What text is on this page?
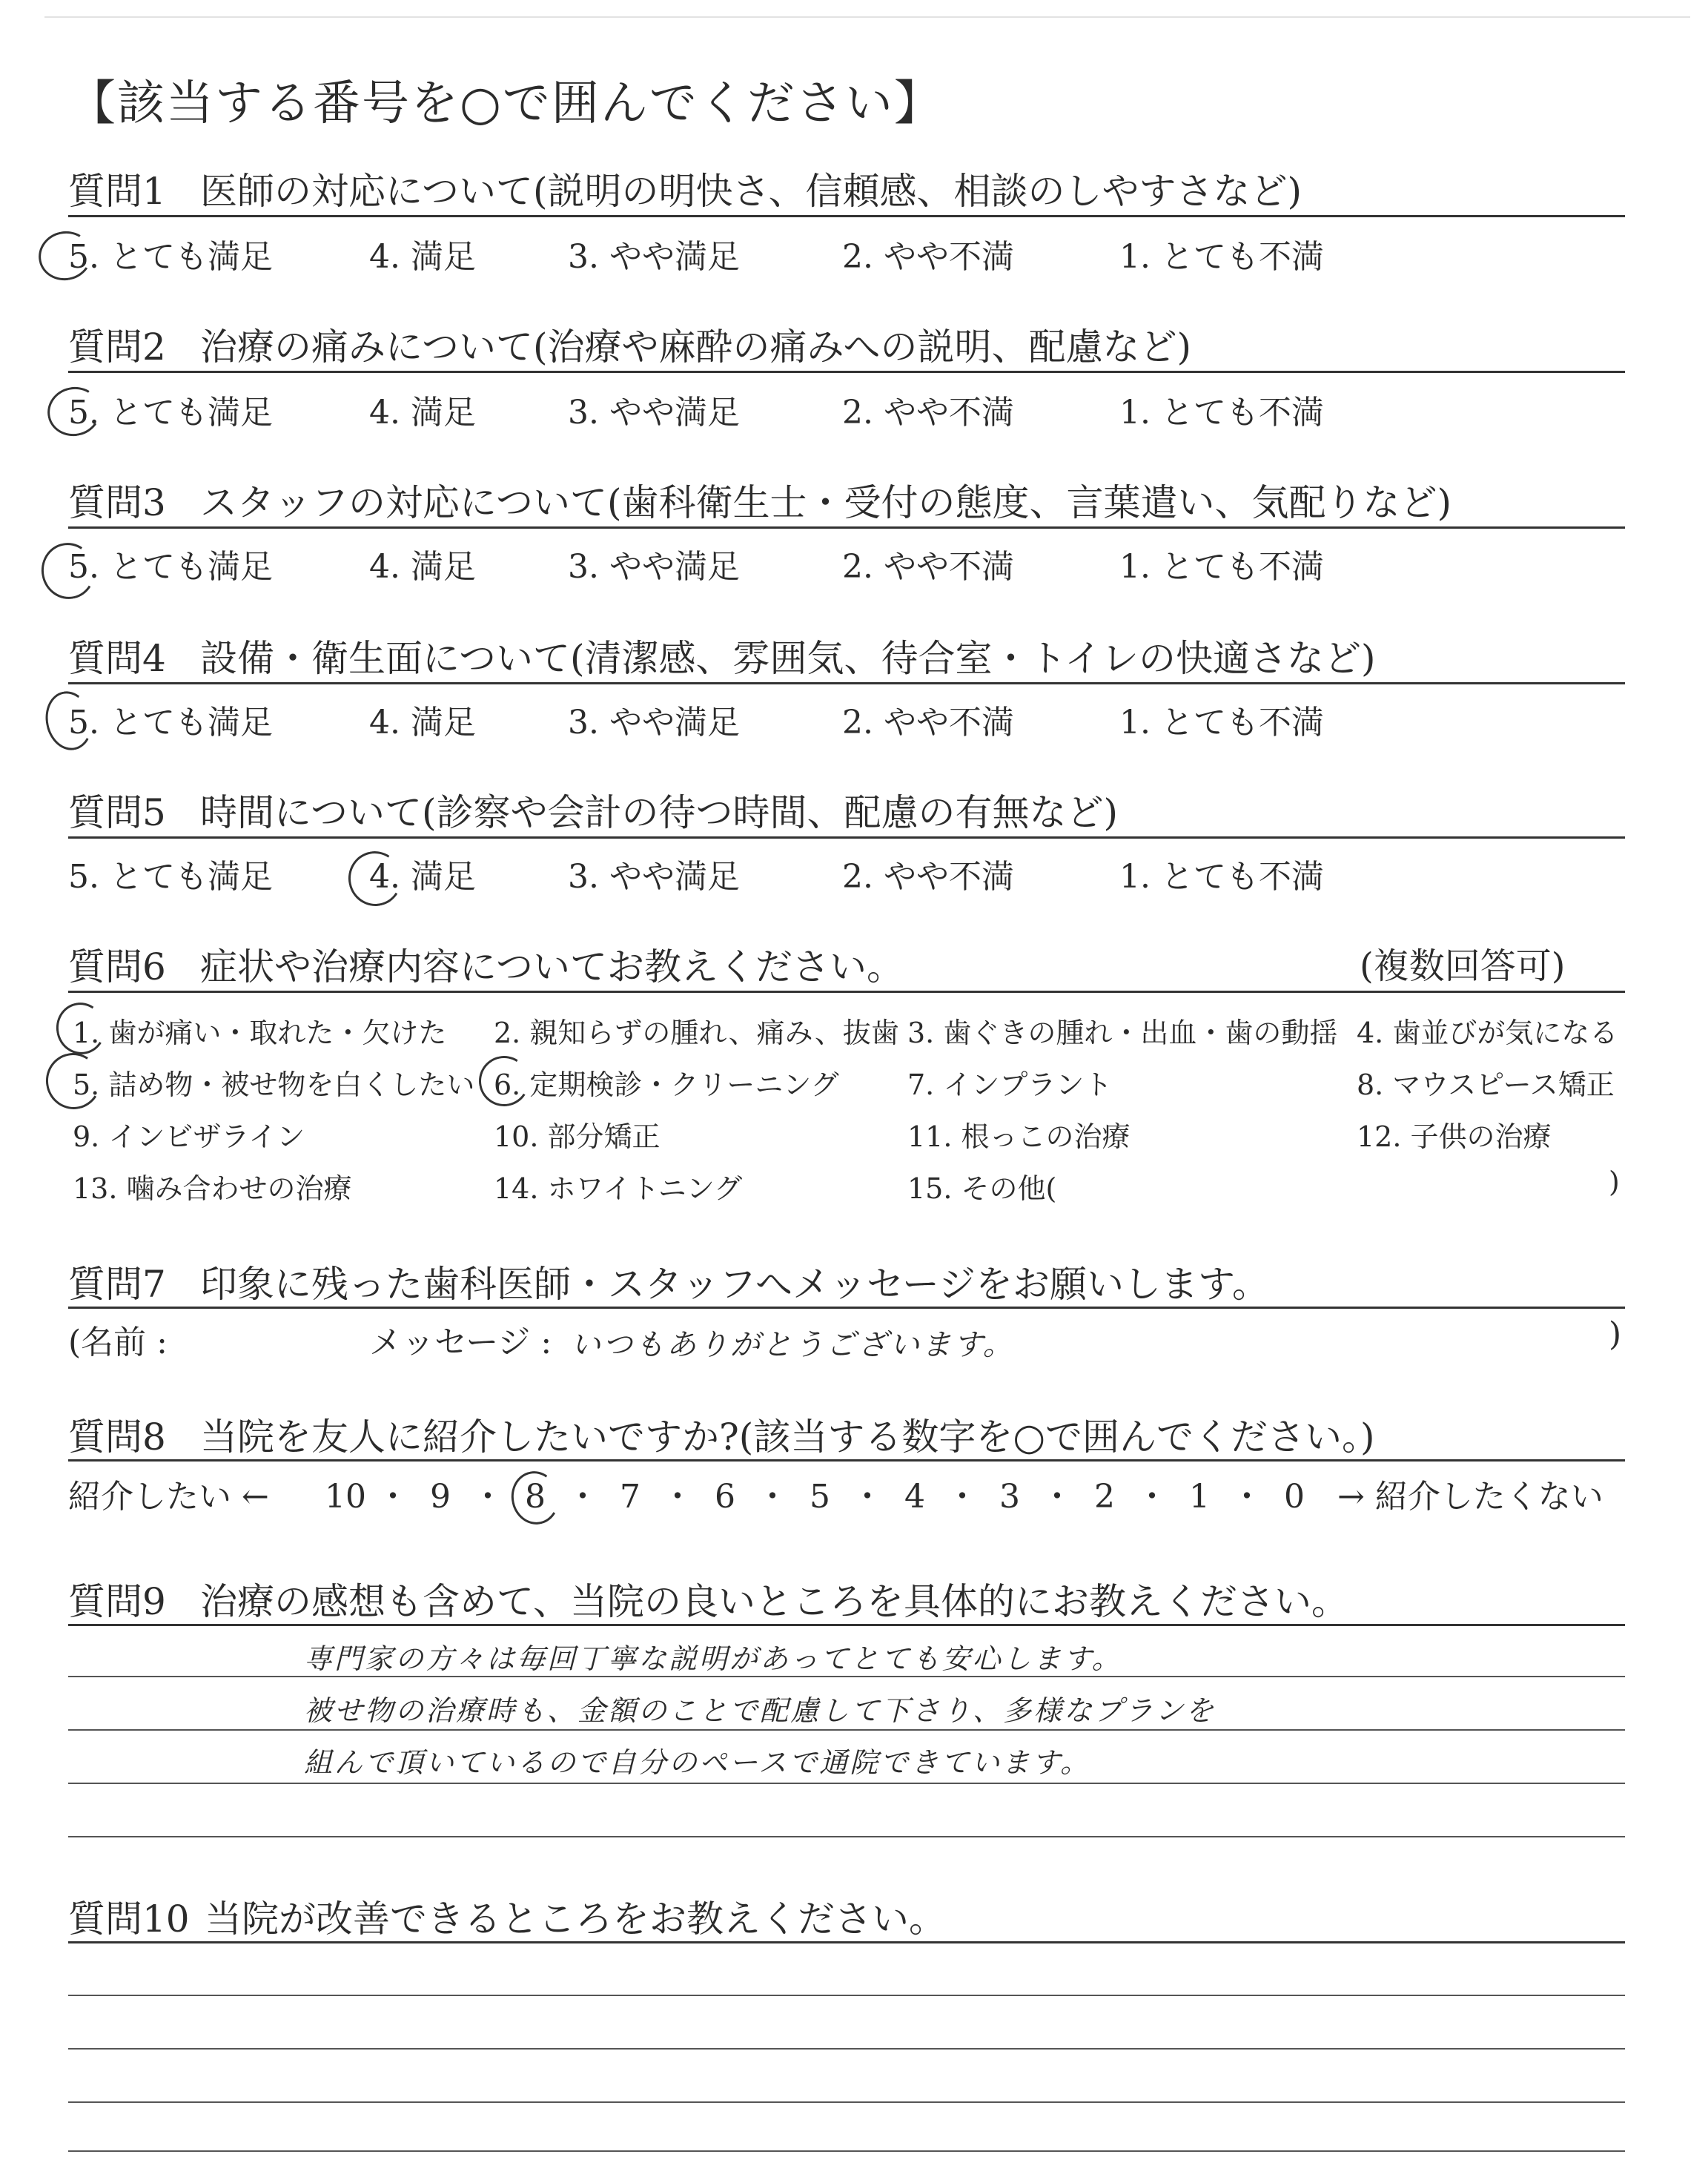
【該当する番号を○で囲んでください】
質問1 医師の対応について(説明の明快さ、信頼感、相談のしやすさなど)
5. とても満足	4. 満足	3. やや満足	2. やや不満	1. とても不満
質問2 治療の痛みについて(治療や麻酔の痛みへの説明、配慮など)
5. とても満足	4. 満足	3. やや満足	2. やや不満	1. とても不満
質問3 スタッフの対応について(歯科衛生士・受付の態度、言葉遣い、気配りなど)
5. とても満足	4. 満足	3. やや満足	2. やや不満	1. とても不満
質問4 設備・衛生面について(清潔感、雰囲気、待合室・トイレの快適さなど)
5. とても満足	4. 満足	3. やや満足	2. やや不満	1. とても不満
質問5 時間について(診察や会計の待つ時間、配慮の有無など)
5. とても満足	4. 満足	3. やや満足	2. やや不満	1. とても不満
質問6 症状や治療内容についてお教えください。	(複数回答可)
1. 歯が痛い・取れた・欠けた 2. 親知らずの腫れ、痛み、抜歯 3. 歯ぐきの腫れ・出血・歯の動揺 4. 歯並びが気になる
5. 詰め物・被せ物を白くしたい 6. 定期検診・クリーニング 7. インプラント	8. マウスピース矯正
9. インビザライン	10. 部分矯正	11. 根っこの治療	12. 子供の治療
13. 噛み合わせの治療	14. ホワイトニング	15. その他(	)
質問7 印象に残った歯科医師・スタッフへメッセージをお願いします。
(名前 :	メッセージ : いつもありがとうございます。	)
質問8 当院を友人に紹介したいですか?(該当する数字を○で囲んでください。)
紹介したい ← 10 ・ 9 ・ 8 ・ 7 ・ 6 ・ 5 ・ 4 ・ 3 ・ 2 ・ 1 ・ 0 → 紹介したくない
質問9 治療の感想も含めて、当院の良いところを具体的にお教えください。
専門家の方々は毎回丁寧な説明があってとても安心します。
被せ物の治療時も、金額のことで配慮して下さり、多様なプランを
組んで頂いているので自分のペースで通院できています。
質問10 当院が改善できるところをお教えください。
